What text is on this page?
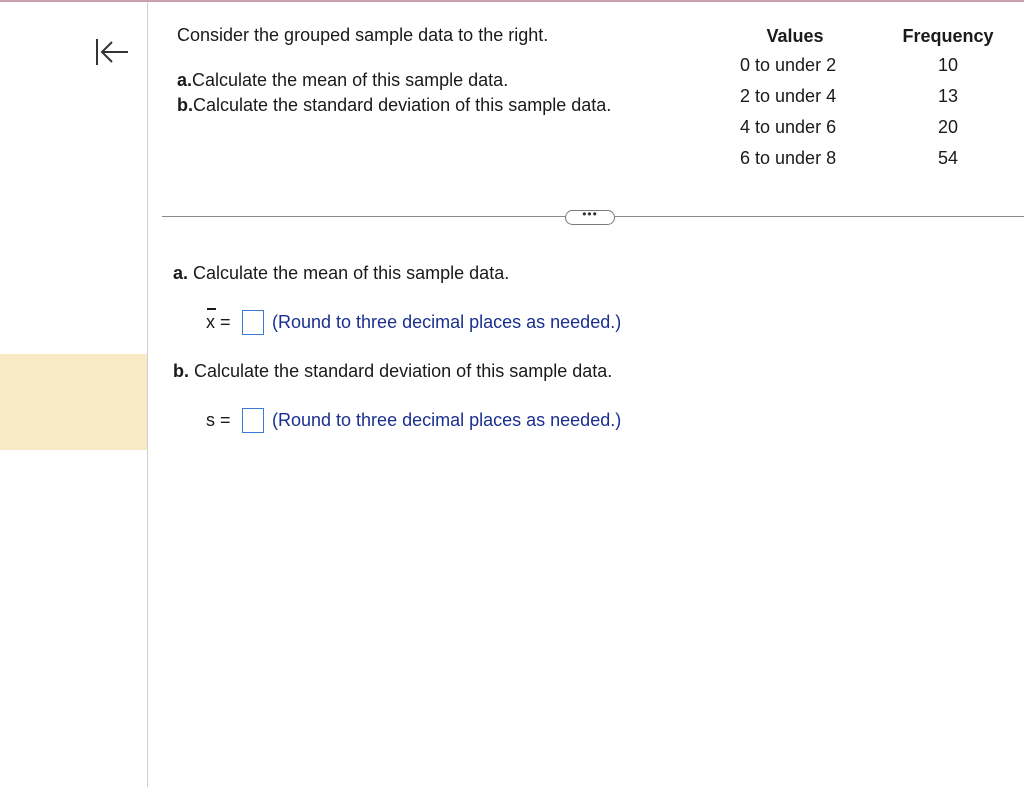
Consider the grouped sample data to the right.
a.Calculate the mean of this sample data.
b.Calculate the standard deviation of this sample data.
Values
0 to under 2
2 to under 4
4 to under 6
6 to under 8
Frequency
10
13
20
54
•••
a. Calculate the mean of this sample data.
x =	(Round to three decimal places as needed.)
b. Calculate the standard deviation of this sample data.
s =	(Round to three decimal places as needed.)
